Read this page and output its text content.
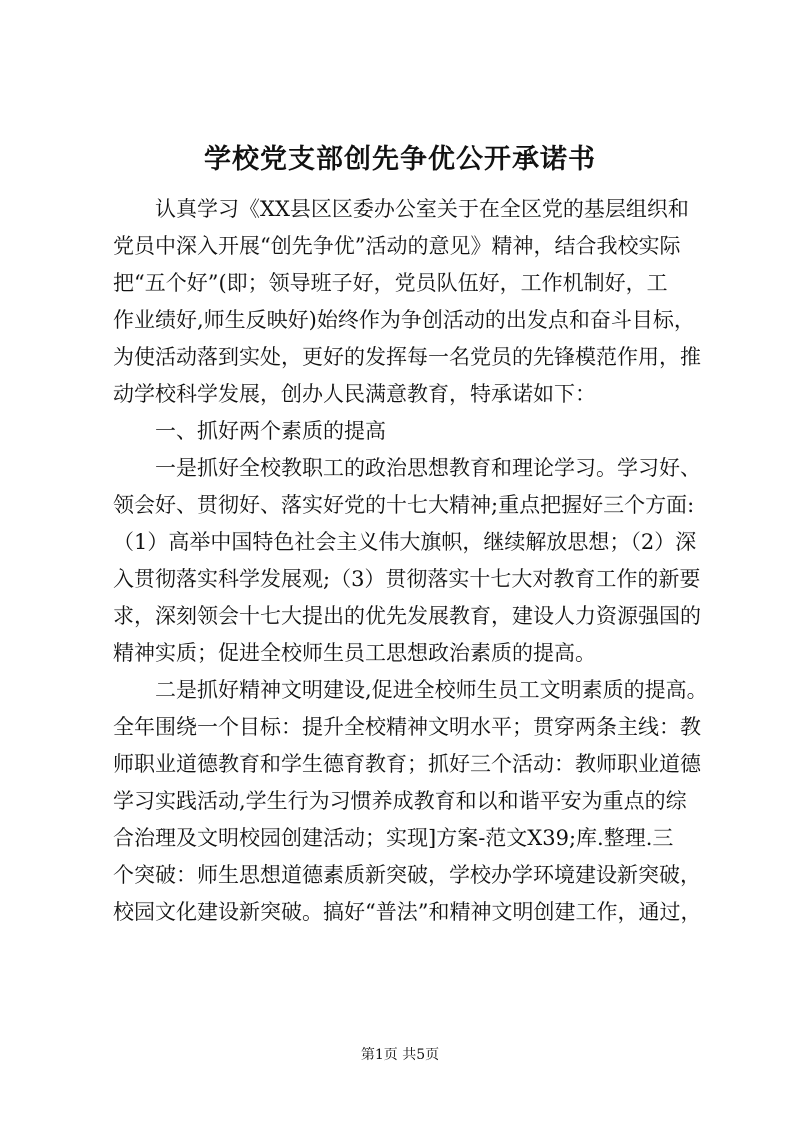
学校党支部创先争优公开承诺书
　　认真学习《XX县区区委办公室关于在全区党的基层组织和
党员中深入开展“创先争优”活动的意见》精神，结合我校实际
把“五个好”(即；领导班子好，党员队伍好，工作机制好，工
作业绩好,师生反映好)始终作为争创活动的出发点和奋斗目标，
为使活动落到实处，更好的发挥每一名党员的先锋模范作用，推
动学校科学发展，创办人民满意教育，特承诺如下：
　　一、抓好两个素质的提高
　　一是抓好全校教职工的政治思想教育和理论学习。学习好、
领会好、贯彻好、落实好党的十七大精神;重点把握好三个方面:
（1）高举中国特色社会主义伟大旗帜，继续解放思想；（2）深
入贯彻落实科学发展观;（3）贯彻落实十七大对教育工作的新要
求，深刻领会十七大提出的优先发展教育，建设人力资源强国的
精神实质；促进全校师生员工思想政治素质的提高。
　　二是抓好精神文明建设,促进全校师生员工文明素质的提高。
全年围绕一个目标：提升全校精神文明水平；贯穿两条主线：教
师职业道德教育和学生德育教育；抓好三个活动：教师职业道德
学习实践活动,学生行为习惯养成教育和以和谐平安为重点的综
合治理及文明校园创建活动；实现]方案-范文X39;库.整理.三
个突破：师生思想道德素质新突破，学校办学环境建设新突破，
校园文化建设新突破。搞好“普法”和精神文明创建工作，通过，
第1页 共5页
